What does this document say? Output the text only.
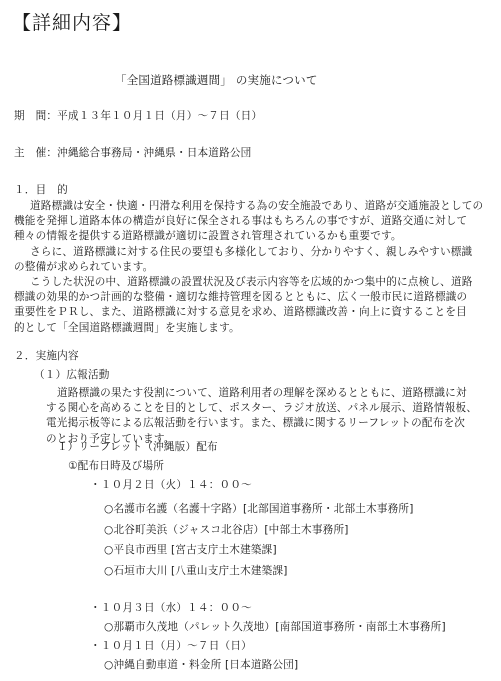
【詳細内容】
「全国道路標識週間」 の実施について
期　間：平成１３年１０月１日（月）～７日（日）
主　催：沖縄総合事務局・沖縄県・日本道路公団
１．目　的
道路標識は安全・快適・円滑な利用を保持する為の安全施設であり、道路が交通施設としての
機能を発揮し道路本体の構造が良好に保全される事はもちろんの事ですが、道路交通に対して
種々の情報を提供する道路標識が適切に設置され管理されているかも重要です。
さらに、道路標識に対する住民の要望も多様化しており、分かりやすく、親しみやすい標識
の整備が求められています。
こうした状況の中、道路標識の設置状況及び表示内容等を広域的かつ集中的に点検し、道路
標識の効果的かつ計画的な整備・適切な維持管理を図るとともに、広く一般市民に道路標識の
重要性をＰＲし、また、道路標識に対する意見を求め、道路標識改善・向上に資することを目
的として「全国道路標識週間」を実施します。
２．実施内容
（１）広報活動
道路標識の果たす役割について、道路利用者の理解を深めるとともに、道路標識に対
する関心を高めることを目的として、ポスター、ラジオ放送、パネル展示、道路情報板、
電光掲示板等による広報活動を行います。また、標識に関するリーフレットの配布を次
のとおり予定しています。
１）リーフレット（沖縄版）配布
①配布日時及び場所
・１０月２日（火）１４：００～
○名護市名護（名護十字路）[北部国道事務所・北部土木事務所]
○北谷町美浜（ジャスコ北谷店）[中部土木事務所]
○平良市西里 [宮古支庁土木建築課]
○石垣市大川 [八重山支庁土木建築課]
・１０月３日（水）１４：００～
○那覇市久茂地（パレット久茂地）[南部国道事務所・南部土木事務所]
・１０月１日（月）～７日（日）
○沖縄自動車道・料金所 [日本道路公団]
